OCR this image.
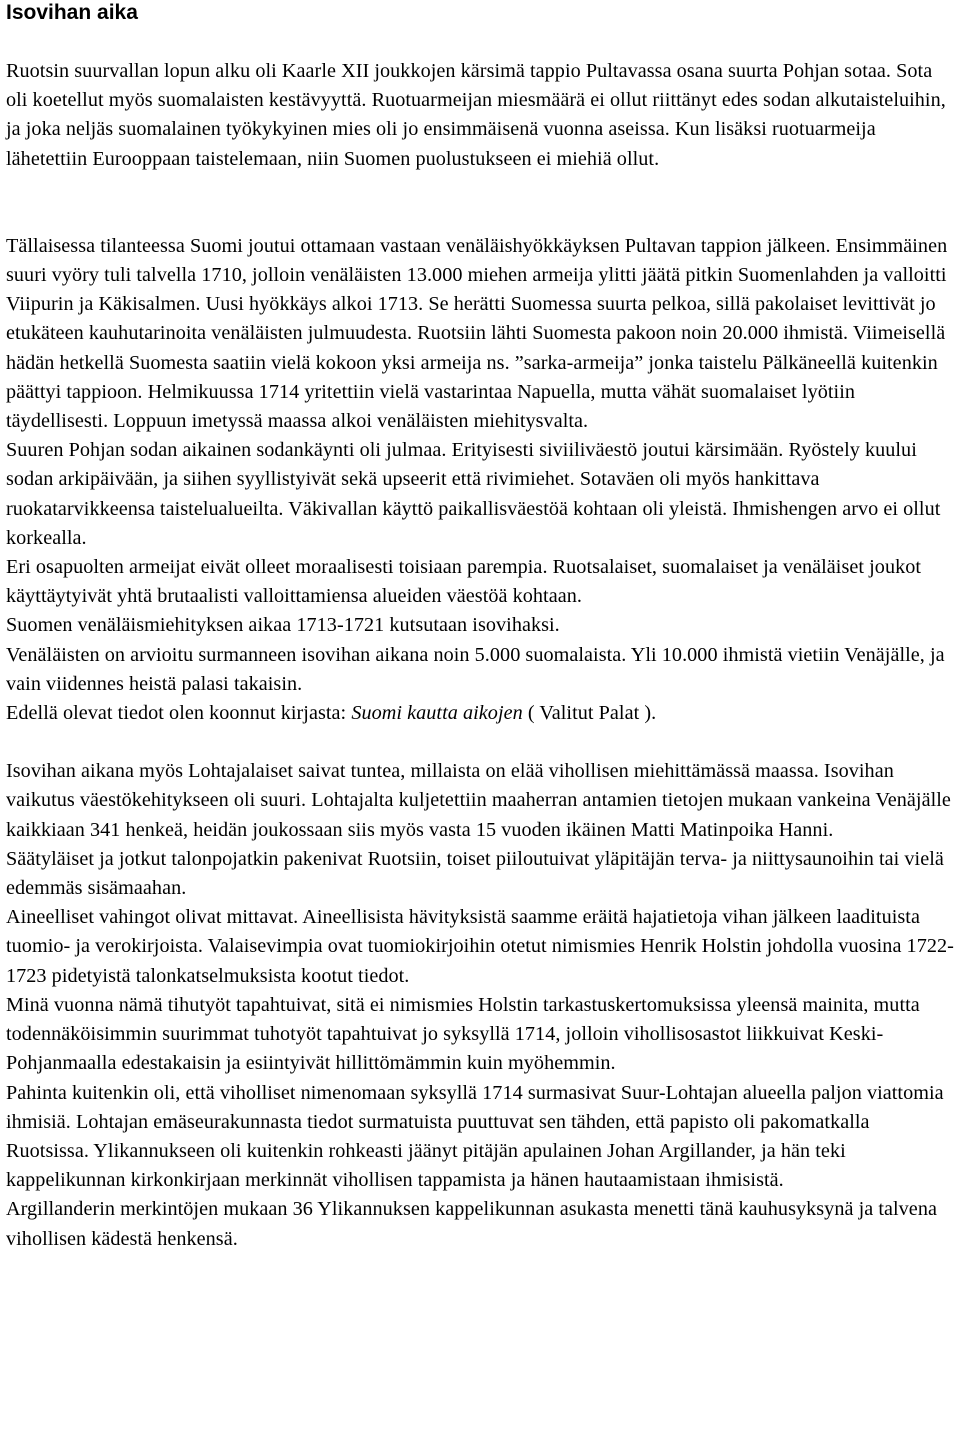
Isovihan aika

Ruotsin suurvallan lopun alku oli Kaarle XII joukkojen kärsimä tappio Pultavassa osana suurta Pohjan sotaa. Sota oli koetellut myös suomalaisten kestävyyttä. Ruotuarmeijan miesmäärä ei ollut riittänyt edes sodan alkutaisteluihin, ja joka neljäs suomalainen työkykyinen mies oli jo ensimmäisenä vuonna aseissa. Kun lisäksi ruotuarmeija lähetettiin Eurooppaan taistelemaan, niin Suomen puolustukseen ei miehiä ollut.

Tällaisessa tilanteessa Suomi joutui ottamaan vastaan venäläishyökkäyksen Pultavan tappion jälkeen. Ensimmäinen suuri vyöry tuli talvella 1710, jolloin venäläisten 13.000 miehen armeija ylitti jäätä pitkin Suomenlahden ja valloitti Viipurin ja Käkisalmen. Uusi hyökkäys alkoi 1713. Se herätti Suomessa suurta pelkoa, sillä pakolaiset levittivät jo etukäteen kauhutarinoita venäläisten julmuudesta. Ruotsiin lähti Suomesta pakoon noin 20.000 ihmistä. Viimeisellä hädän hetkellä Suomesta saatiin vielä kokoon yksi armeija ns. ”sarka-armeija” jonka taistelu Pälkäneellä kuitenkin päättyi tappioon. Helmikuussa 1714 yritettiin vielä vastarintaa Napuella, mutta vähät suomalaiset lyötiin täydellisesti. Loppuun imetyssä maassa alkoi venäläisten miehitysvalta.

Suuren Pohjan sodan aikainen sodankäynti oli julmaa. Erityisesti siviiliväestö joutui kärsimään. Ryöstely kuului sodan arkipäivään, ja siihen syyllistyivät sekä upseerit että rivimiehet. Sotaväen oli myös hankittava ruokatarvikkeensa taistelualueilta. Väkivallan käyttö paikallisväestöä kohtaan oli yleistä. Ihmishengen arvo ei ollut korkealla.

Eri osapuolten armeijat eivät olleet moraalisesti toisiaan parempia. Ruotsalaiset, suomalaiset ja venäläiset joukot käyttäytyivät yhtä brutaalisti valloittamiensa alueiden väestöä kohtaan.

Suomen venäläismiehityksen aikaa 1713-1721 kutsutaan isovihaksi.

Venäläisten on arvioitu surmanneen isovihan aikana noin 5.000 suomalaista. Yli 10.000 ihmistä vietiin Venäjälle, ja vain viidennes heistä palasi takaisin.

Edellä olevat tiedot olen koonnut kirjasta: Suomi kautta aikojen ( Valitut Palat ).

Isovihan aikana myös Lohtajalaiset saivat tuntea, millaista on elää vihollisen miehittämässä maassa. Isovihan vaikutus väestökehitykseen oli suuri. Lohtajalta kuljetettiin maaherran antamien tietojen mukaan vankeina Venäjälle kaikkiaan 341 henkeä, heidän joukossaan siis myös vasta 15 vuoden ikäinen Matti Matinpoika Hanni.

Säätyläiset ja jotkut talonpojatkin pakenivat Ruotsiin, toiset piiloutuivat yläpitäjän terva- ja niittysaunoihin tai vielä edemmäs sisämaahan.

Aineelliset vahingot olivat mittavat. Aineellisista hävityksistä saamme eräitä hajatietoja vihan jälkeen laadituista tuomio- ja verokirjoista. Valaisevimpia ovat tuomiokirjoihin otetut nimismies Henrik Holstin johdolla vuosina 1722-1723 pidetyistä talonkatselmuksista kootut tiedot.

Minä vuonna nämä tihutyöt tapahtuivat, sitä ei nimismies Holstin tarkastuskertomuksissa yleensä mainita, mutta todennäköisimmin suurimmat tuhotyöt tapahtuivat jo syksyllä 1714, jolloin vihollisosastot liikkuivat Keski-Pohjanmaalla edestakaisin ja esiintyivät hillittömämmin kuin myöhemmin.

Pahinta kuitenkin oli, että viholliset nimenomaan syksyllä 1714 surmasivat Suur-Lohtajan alueella paljon viattomia ihmisiä. Lohtajan emäseurakunnasta tiedot surmatuista puuttuvat sen tähden, että papisto oli pakomatkalla Ruotsissa. Ylikannukseen oli kuitenkin rohkeasti jäänyt pitäjän apulainen Johan Argillander, ja hän teki kappelikunnan kirkonkirjaan merkinnät vihollisen tappamista ja hänen hautaamistaan ihmisistä.

Argillanderin merkintöjen mukaan 36 Ylikannuksen kappelikunnan asukasta menetti tänä kauhusyksynä ja talvena vihollisen kädestä henkensä.
